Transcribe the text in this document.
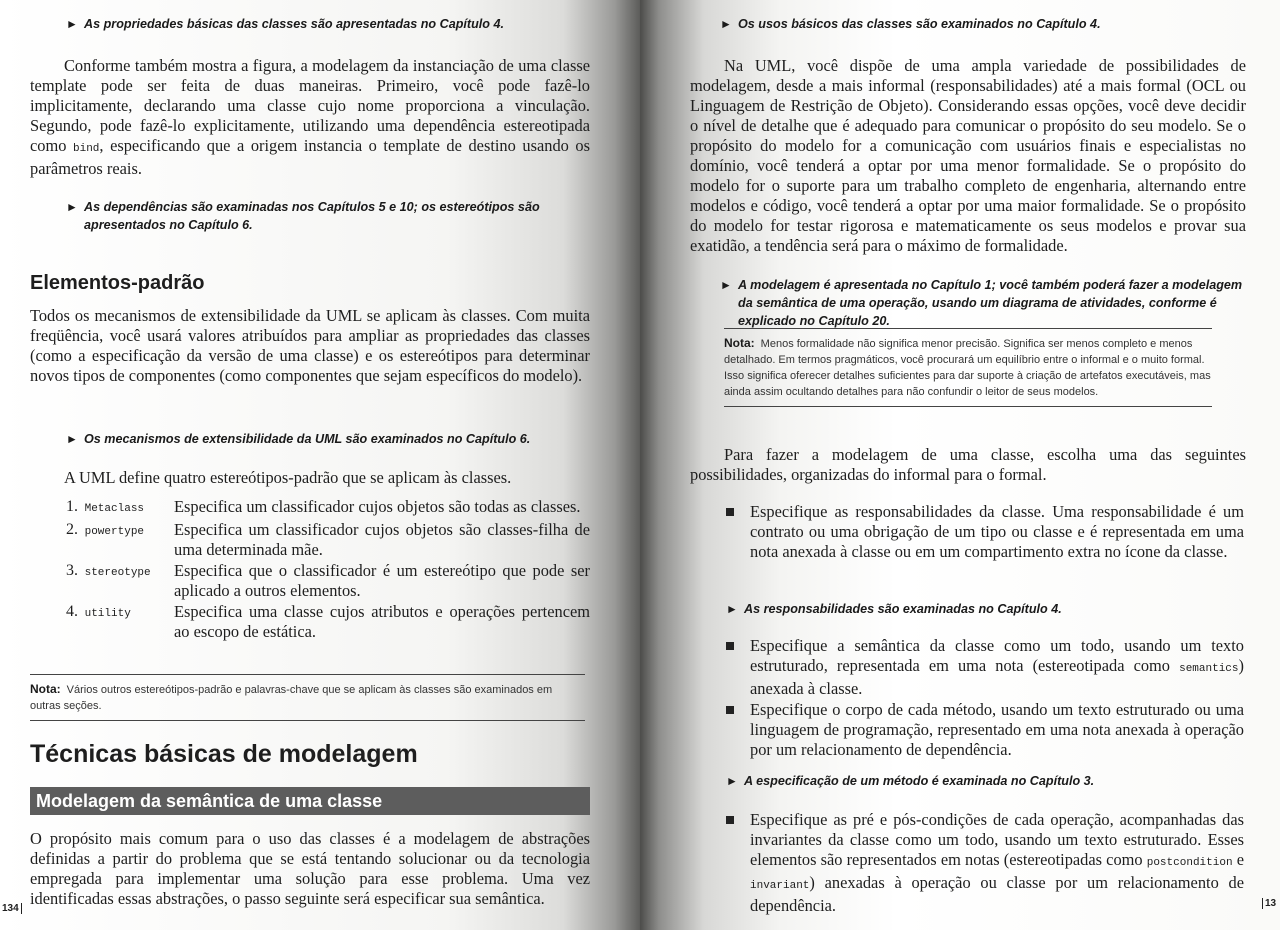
► As propriedades básicas das classes são apresentadas no Capítulo 4.

Conforme também mostra a figura, a modelagem da instanciação de uma classe template pode ser feita de duas maneiras. Primeiro, você pode fazê-lo implicitamente, declarando uma classe cujo nome proporciona a vinculação. Segundo, pode fazê-lo explicitamente, utilizando uma dependência estereotipada como bind, especificando que a origem instancia o template de destino usando os parâmetros reais.

► As dependências são examinadas nos Capítulos 5 e 10; os estereótipos são apresentados no Capítulo 6.
Elementos-padrão

Todos os mecanismos de extensibilidade da UML se aplicam às classes. Com muita freqüência, você usará valores atribuídos para ampliar as propriedades das classes (como a especificação da versão de uma classe) e os estereótipos para determinar novos tipos de componentes (como componentes que sejam específicos do modelo).

► Os mecanismos de extensibilidade da UML são examinados no Capítulo 6.

A UML define quatro estereótipos-padrão que se aplicam às classes.

1. Metaclass	Especifica um classificador cujos objetos são todas as classes.
2. powertype	Especifica um classificador cujos objetos são classes-filha de uma determinada mãe.
3. stereotype	Especifica que o classificador é um estereótipo que pode ser aplicado a outros elementos.
4. utility	Especifica uma classe cujos atributos e operações pertencem ao escopo de estática.
Nota: Vários outros estereótipos-padrão e palavras-chave que se aplicam às classes são examinados em outras seções.
Técnicas básicas de modelagem
Modelagem da semântica de uma classe

O propósito mais comum para o uso das classes é a modelagem de abstrações definidas a partir do problema que se está tentando solucionar ou da tecnologia empregada para implementar uma solução para esse problema. Uma vez identificadas essas abstrações, o passo seguinte será especificar sua semântica.

134
► Os usos básicos das classes são examinados no Capítulo 4.

Na UML, você dispõe de uma ampla variedade de possibilidades de modelagem, desde a mais informal (responsabilidades) até a mais formal (OCL ou Linguagem de Restrição de Objeto). Considerando essas opções, você deve decidir o nível de detalhe que é adequado para comunicar o propósito do seu modelo. Se o propósito do modelo for a comunicação com usuários finais e especialistas no domínio, você tenderá a optar por uma menor formalidade. Se o propósito do modelo for o suporte para um trabalho completo de engenharia, alternando entre modelos e código, você tenderá a optar por uma maior formalidade. Se o propósito do modelo for testar rigorosa e matematicamente os seus modelos e provar sua exatidão, a tendência será para o máximo de formalidade.

► A modelagem é apresentada no Capítulo 1; você também poderá fazer a modelagem da semântica de uma operação, usando um diagrama de atividades, conforme é explicado no Capítulo 20.
Nota: Menos formalidade não significa menor precisão. Significa ser menos completo e menos detalhado. Em termos pragmáticos, você procurará um equilíbrio entre o informal e o muito formal. Isso significa oferecer detalhes suficientes para dar suporte à criação de artefatos executáveis, mas ainda assim ocultando detalhes para não confundir o leitor de seus modelos.

Para fazer a modelagem de uma classe, escolha uma das seguintes possibilidades, organizadas do informal para o formal.

Especifique as responsabilidades da classe. Uma responsabilidade é um contrato ou uma obrigação de um tipo ou classe e é representada em uma nota anexada à classe ou em um compartimento extra no ícone da classe.
► As responsabilidades são examinadas no Capítulo 4.
Especifique a semântica da classe como um todo, usando um texto estruturado, representada em uma nota (estereotipada como semantics) anexada à classe.
Especifique o corpo de cada método, usando um texto estruturado ou uma linguagem de programação, representado em uma nota anexada à operação por um relacionamento de dependência.
► A especificação de um método é examinada no Capítulo 3.
Especifique as pré e pós-condições de cada operação, acompanhadas das invariantes da classe como um todo, usando um texto estruturado. Esses elementos são representados em notas (estereotipadas como postcondition e invariant) anexadas à operação ou classe por um relacionamento de dependência.	13
